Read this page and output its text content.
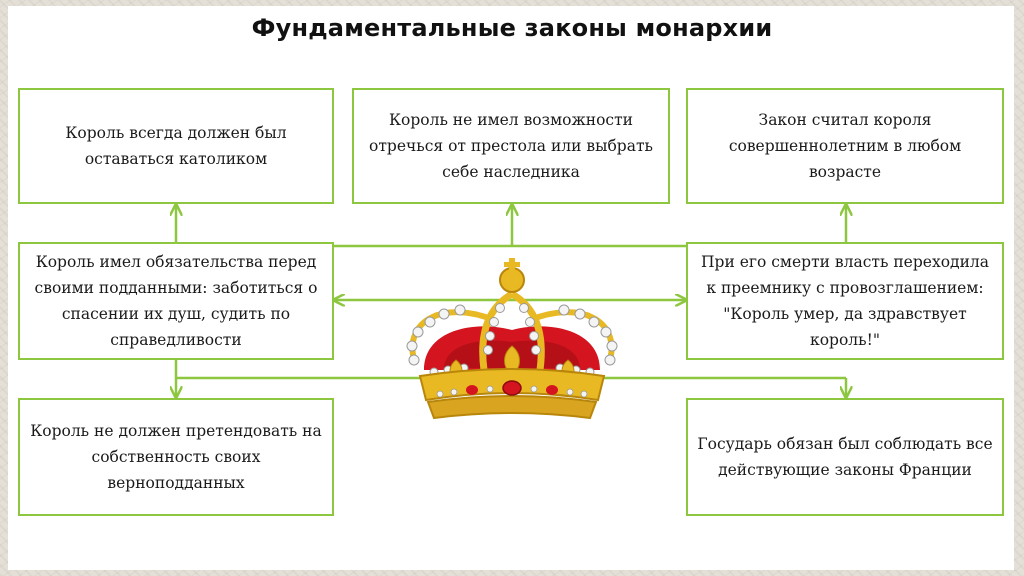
Фундаментальные законы монархии
Король всегда должен был оставаться католиком
Король не имел возможности отречься от престола или выбрать себе наследника
Закон считал короля совершеннолетним в любом возрасте
Король имел обязательства перед своими подданными: заботиться о спасении их душ, судить по справедливости
При его смерти власть переходила к преемнику с провозглашением: "Король умер, да здравствует король!"
Король не должен претендовать на собственность своих верноподданных
Государь обязан был соблюдать все действующие законы Франции
